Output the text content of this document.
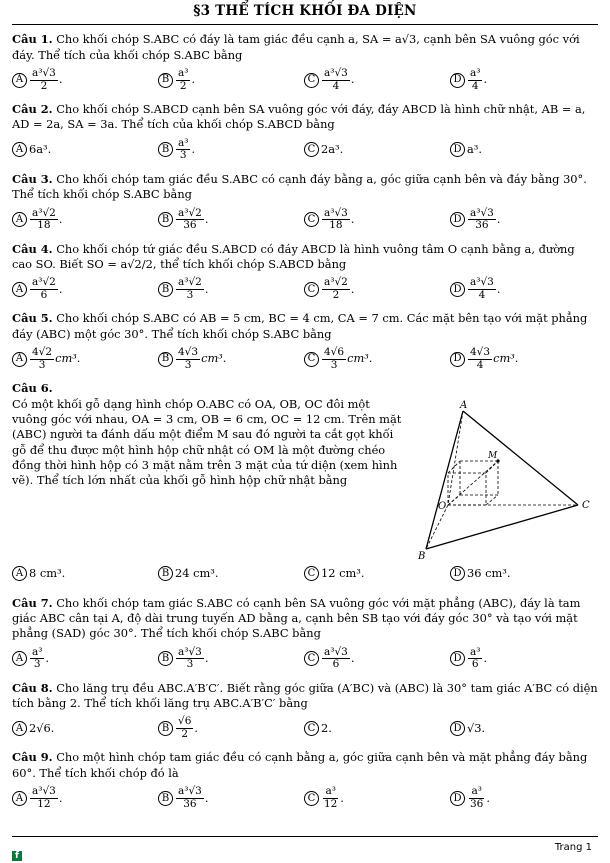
§3 THỂ TÍCH KHỐI ĐA DIỆN
Câu 1. Cho khối chóp S.ABC có đáy là tam giác đều cạnh a, SA = a√3, cạnh bên SA vuông góc với đáy. Thể tích của khối chóp S.ABC bằng
A $\frac{\text{a³√3}}{2}$ .	B $\frac{\text{a³}}{2}$ .	C $\frac{\text{a³√3}}{4}$ .	D $\frac{\text{a³}}{4}$ .
Câu 2. Cho khối chóp S.ABCD cạnh bên SA vuông góc với đáy, đáy ABCD là hình chữ nhật, AB = a, AD = 2a, SA = 3a. Thể tích của khối chóp S.ABCD bằng
A 6a³.	B $\frac{\text{a³}}{3}$ .	C 2a³.	D a³.
Câu 3. Cho khối chóp tam giác đều S.ABC có cạnh đáy bằng a, góc giữa cạnh bên và đáy bằng 30°. Thể tích khối chóp S.ABC bằng
A $\frac{\text{a³√2}}{18}$ .	B $\frac{\text{a³√2}}{36}$ .	C $\frac{\text{a³√3}}{18}$ .	D $\frac{\text{a³√3}}{36}$ .
Câu 4. Cho khối chóp tứ giác đều S.ABCD có đáy ABCD là hình vuông tâm O cạnh bằng a, đường cao SO. Biết SO = a√2/2, thể tích khối chóp S.ABCD bằng
A $\frac{\text{a³√2}}{6}$ .	B $\frac{\text{a³√2}}{3}$ .	C $\frac{\text{a³√2}}{2}$ .	D $\frac{\text{a³√3}}{4}$ .
Câu 5. Cho khối chóp S.ABC có AB = 5 cm, BC = 4 cm, CA = 7 cm. Các mặt bên tạo với mặt phẳng đáy (ABC) một góc 30°. Thể tích khối chóp S.ABC bằng
A $\frac{4√2}{3} cm^3$.	B $\frac{4√3}{3} cm^3$.	C $\frac{4√6}{3} cm^3$.	D $\frac{4√3}{4} cm^3$.
Câu 6.
Có một khối gỗ dạng hình chóp O.ABC có OA, OB, OC đôi một vuông góc với nhau, OA = 3 cm, OB = 6 cm, OC = 12 cm. Trên mặt (ABC) người ta đánh dấu một điểm M sau đó người ta cắt gọt khối gỗ để thu được một hình hộp chữ nhật có OM là một đường chéo đồng thời hình hộp có 3 mặt nằm trên 3 mặt của tứ diện (xem hình vẽ). Thể tích lớn nhất của khối gỗ hình hộp chữ nhật bằng
A
B
C
O
M
A 8 cm³.	B 24 cm³.	C 12 cm³.	D 36 cm³.
Câu 7. Cho khối chóp tam giác S.ABC có cạnh bên SA vuông góc với mặt phẳng (ABC), đáy là tam giác ABC cân tại A, độ dài trung tuyến AD bằng a, cạnh bên SB tạo với đáy góc 30° và tạo với mặt phẳng (SAD) góc 30°. Thể tích khối chóp S.ABC bằng
A $\frac{\text{a³}}{3}$ .	B $\frac{\text{a³√3}}{3}$ .	C $\frac{\text{a³√3}}{6}$ .	D $\frac{\text{a³}}{6}$ .
Câu 8. Cho lăng trụ đều ABC.A′B′C′. Biết rằng góc giữa (A′BC) và (ABC) là 30° tam giác A′BC có diện tích bằng 2. Thể tích khối lăng trụ ABC.A′B′C′ bằng
A 2√6.	B $\frac{√6}{2}$ .	C 2.	D √3.
Câu 9. Cho một hình chóp tam giác đều có cạnh bằng a, góc giữa cạnh bên và mặt phẳng đáy bằng 60°. Thể tích khối chóp đó là
A $\frac{\text{a³√3}}{12}$ .	B $\frac{\text{a³√3}}{36}$ .	C $\frac{\text{a³}}{12}$ .	D $\frac{\text{a³}}{36}$ .
f
Trang 1
